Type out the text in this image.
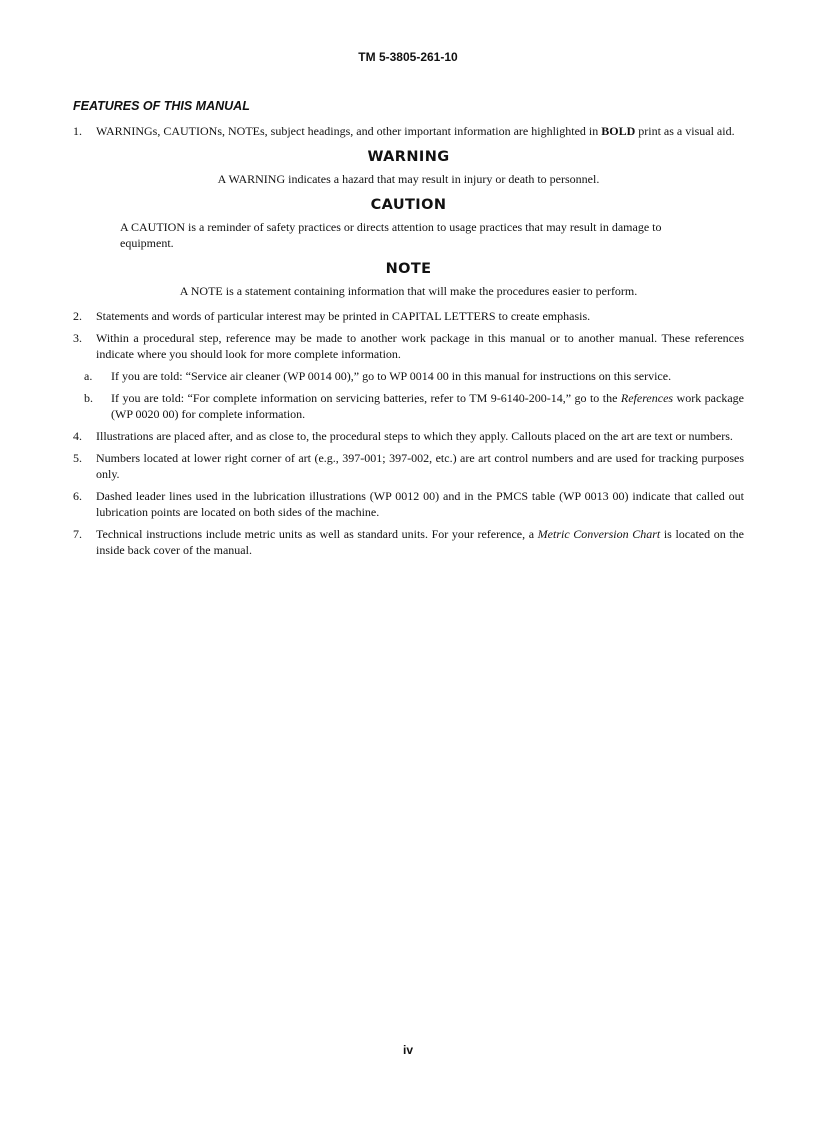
TM 5-3805-261-10
FEATURES OF THIS MANUAL
1. WARNINGs, CAUTIONs, NOTEs, subject headings, and other important information are highlighted in BOLD print as a visual aid.
WARNING
A WARNING indicates a hazard that may result in injury or death to personnel.
CAUTION
A CAUTION is a reminder of safety practices or directs attention to usage practices that may result in damage to equipment.
NOTE
A NOTE is a statement containing information that will make the procedures easier to perform.
2. Statements and words of particular interest may be printed in CAPITAL LETTERS to create emphasis.
3. Within a procedural step, reference may be made to another work package in this manual or to another manual. These references indicate where you should look for more complete information.
a. If you are told: “Service air cleaner (WP 0014 00),” go to WP 0014 00 in this manual for instructions on this service.
b. If you are told: “For complete information on servicing batteries, refer to TM 9-6140-200-14,” go to the References work package (WP 0020 00) for complete information.
4. Illustrations are placed after, and as close to, the procedural steps to which they apply. Callouts placed on the art are text or numbers.
5. Numbers located at lower right corner of art (e.g., 397-001; 397-002, etc.) are art control numbers and are used for tracking purposes only.
6. Dashed leader lines used in the lubrication illustrations (WP 0012 00) and in the PMCS table (WP 0013 00) indicate that called out lubrication points are located on both sides of the machine.
7. Technical instructions include metric units as well as standard units. For your reference, a Metric Conversion Chart is located on the inside back cover of the manual.
iv
